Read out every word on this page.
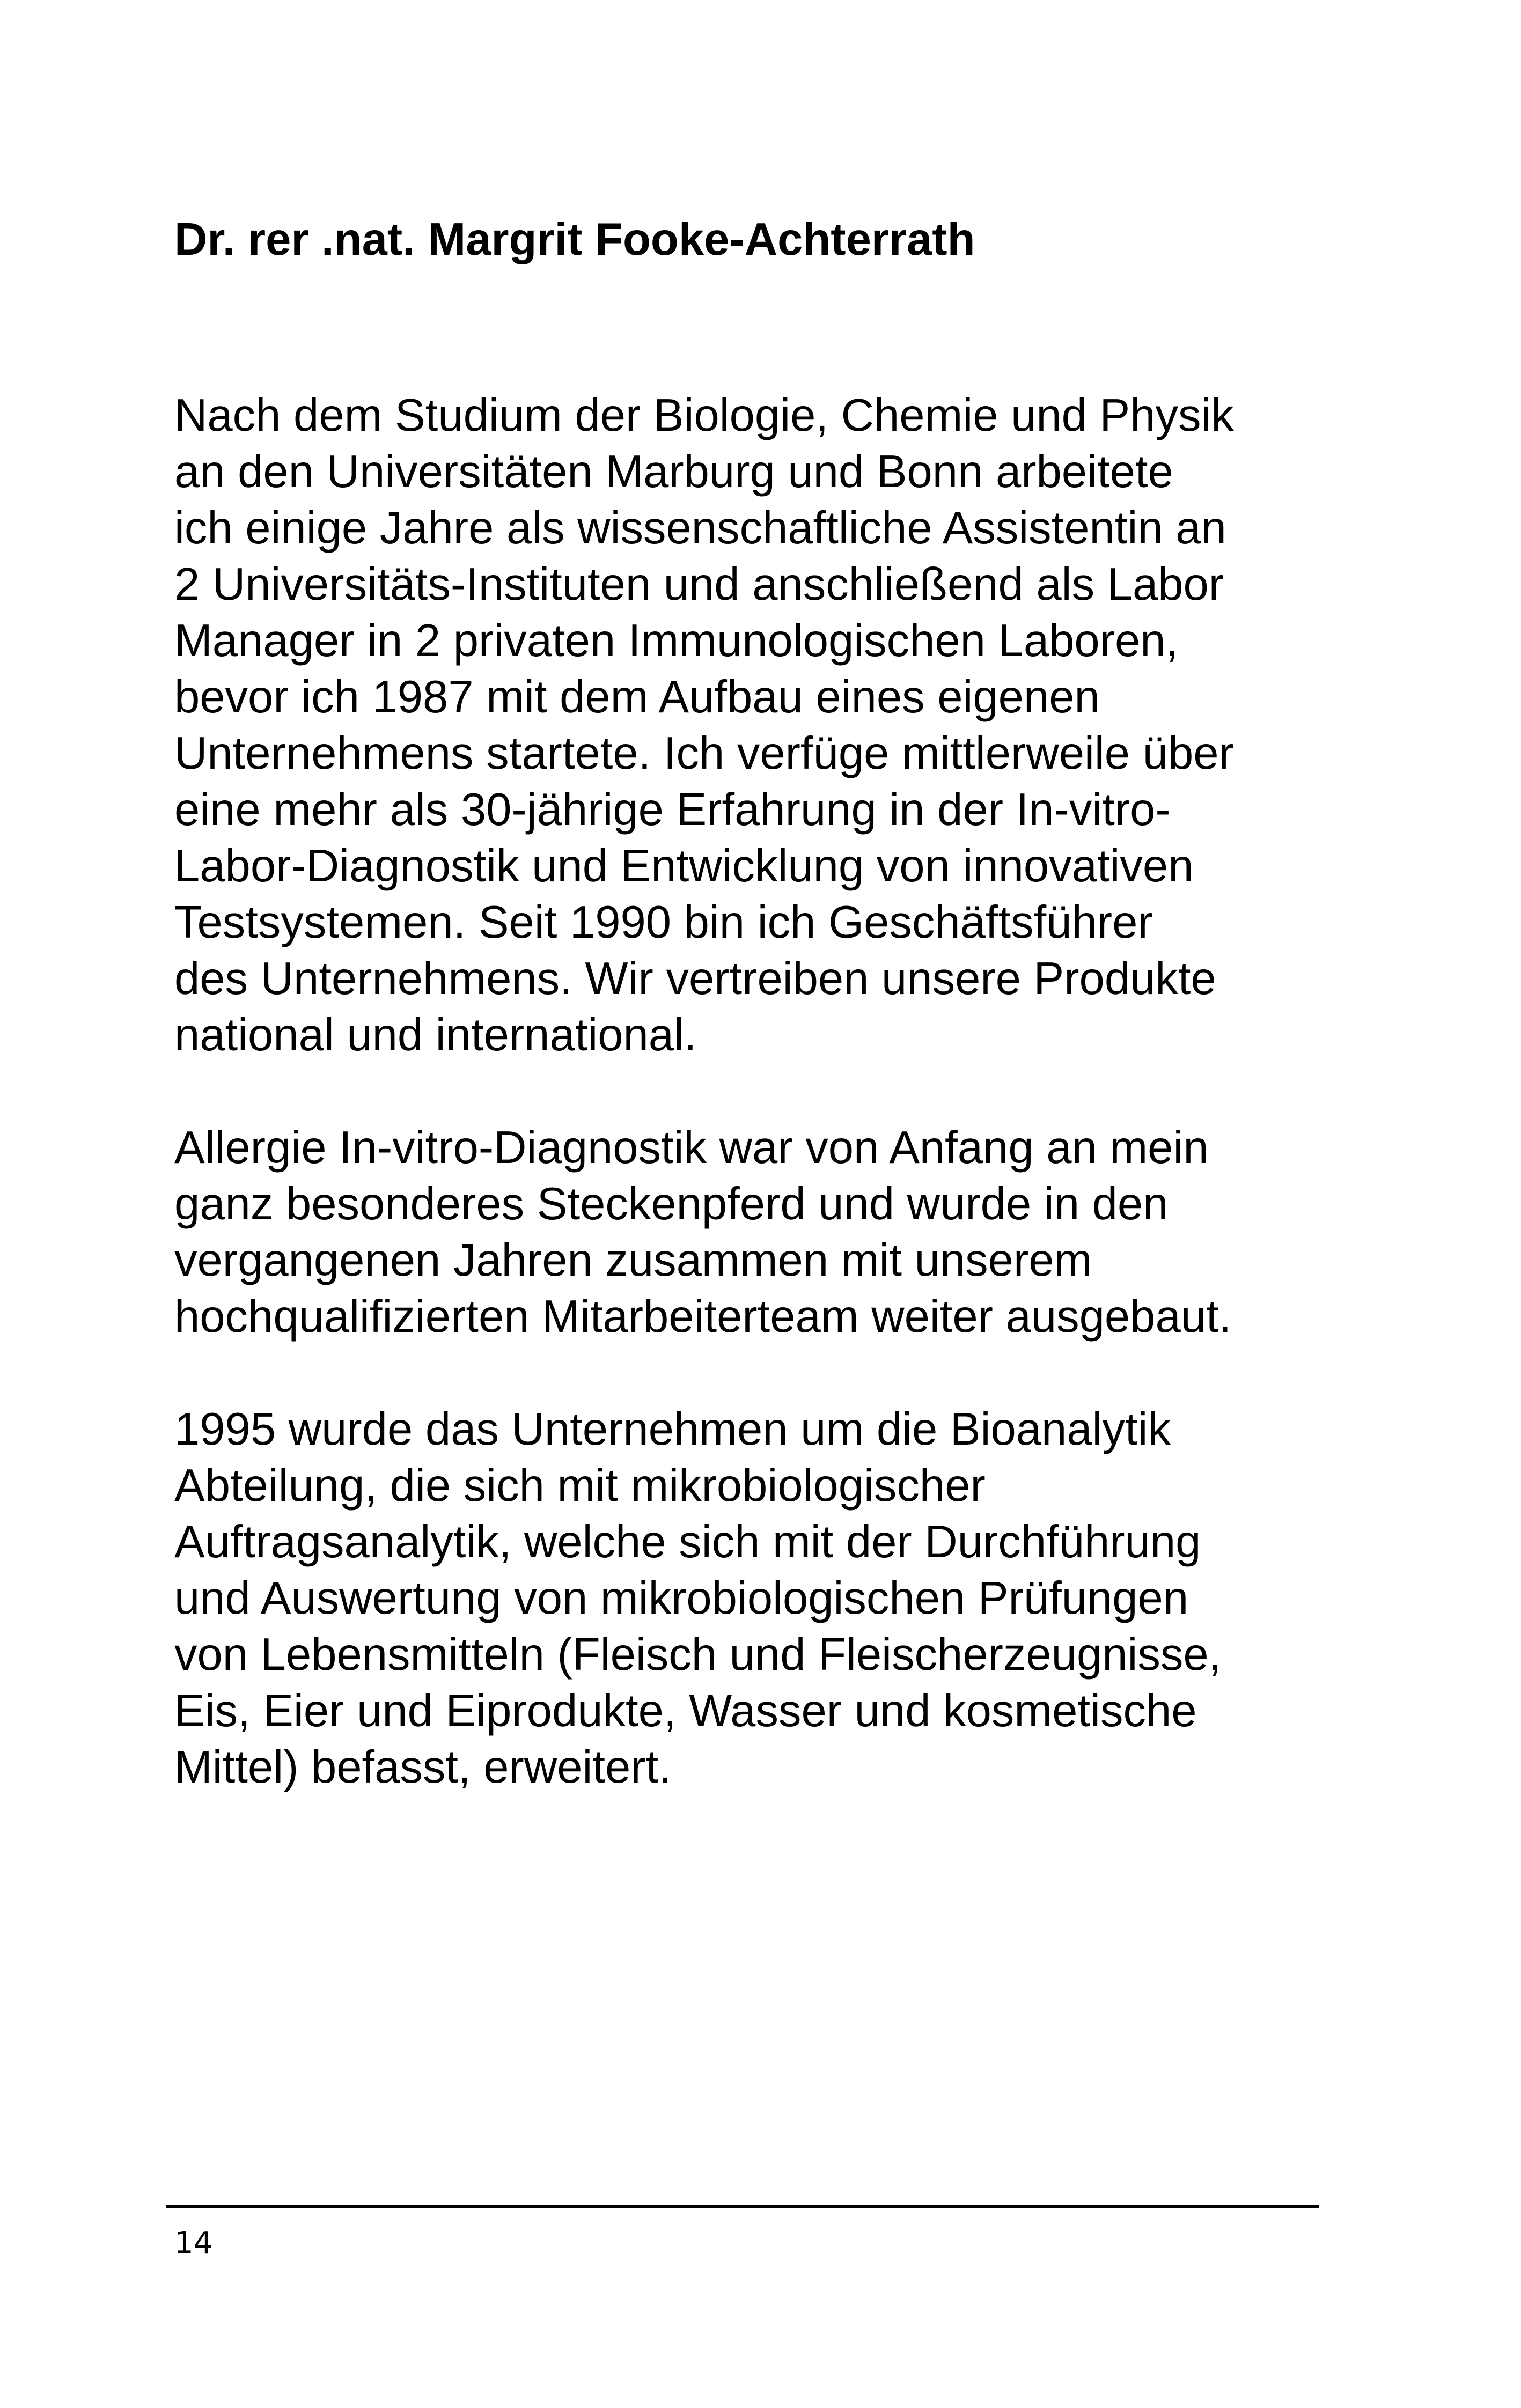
Dr. rer .nat. Margrit Fooke-Achterrath

Nach dem Studium der Biologie, Chemie und Physik

an den Universitäten Marburg und Bonn arbeitete

ich einige Jahre als wissenschaftliche Assistentin an

2 Universitäts-Instituten und anschließend als Labor

Manager in 2 privaten Immunologischen Laboren,

bevor ich 1987 mit dem Aufbau eines eigenen

Unternehmens startete. Ich verfüge mittlerweile über

eine mehr als 30-jährige Erfahrung in der In-vitro-

Labor-Diagnostik und Entwicklung von innovativen

Testsystemen. Seit 1990 bin ich Geschäftsführer

des Unternehmens. Wir vertreiben unsere Produkte

national und international.

Allergie In-vitro-Diagnostik war von Anfang an mein

ganz besonderes Steckenpferd und wurde in den

vergangenen Jahren zusammen mit unserem

hochqualifizierten Mitarbeiterteam weiter ausgebaut.

1995 wurde das Unternehmen um die Bioanalytik

Abteilung, die sich mit mikrobiologischer

Auftragsanalytik, welche sich mit der Durchführung

und Auswertung von mikrobiologischen Prüfungen

von Lebensmitteln (Fleisch und Fleischerzeugnisse,

Eis, Eier und Eiprodukte, Wasser und kosmetische

Mittel) befasst, erweitert.

14
